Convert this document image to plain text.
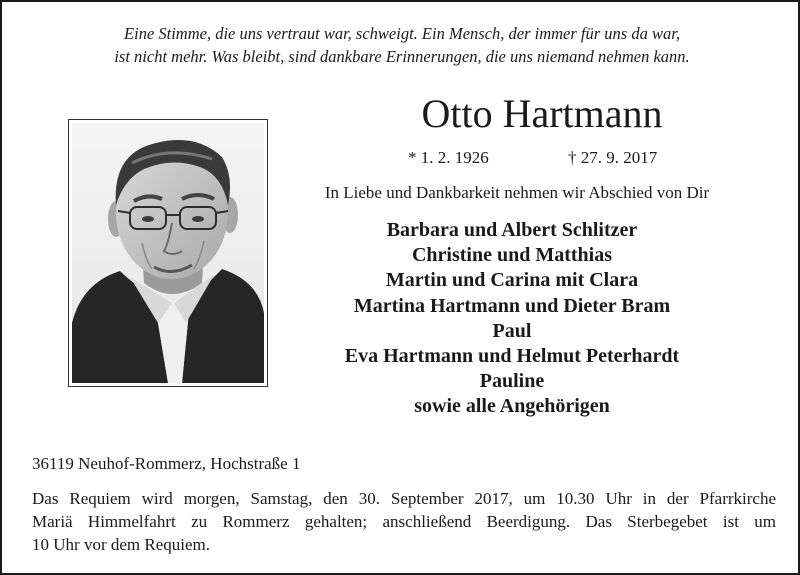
Eine Stimme, die uns vertraut war, schweigt. Ein Mensch, der immer für uns da war,
ist nicht mehr. Was bleibt, sind dankbare Erinnerungen, die uns niemand nehmen kann.
Otto Hartmann
* 1. 2. 1926	† 27. 9. 2017
In Liebe und Dankbarkeit nehmen wir Abschied von Dir
Barbara und Albert Schlitzer
Christine und Matthias
Martin und Carina mit Clara
Martina Hartmann und Dieter Bram
Paul
Eva Hartmann und Helmut Peterhardt
Pauline
sowie alle Angehörigen
36119 Neuhof-Rommerz, Hochstraße 1
Das Requiem wird morgen, Samstag, den 30. September 2017, um 10.30 Uhr in der Pfarrkirche
Mariä Himmelfahrt zu Rommerz gehalten; anschließend Beerdigung. Das Sterbegebet ist um
10 Uhr vor dem Requiem.
